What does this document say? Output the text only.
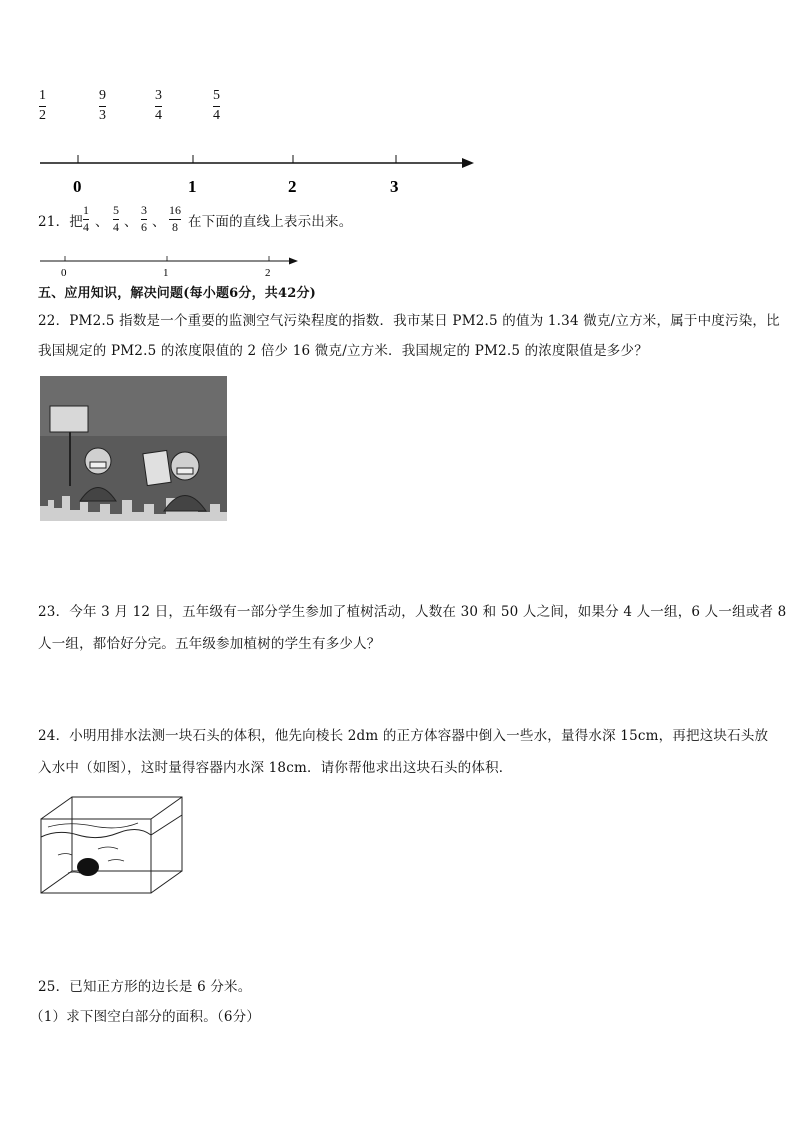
1
2
9
3
3
4
5
4
0	1	2	3
21．把
1
4 、
5
4 、
3
6 、
16
8 在下面的直线上表示出来。
0	1	2
五、应用知识，解决问题(每小题6分，共42分)
22．PM2.5 指数是一个重要的监测空气污染程度的指数．我市某日 PM2.5 的值为 1.34 微克/立方米，属于中度污染，比
我国规定的 PM2.5 的浓度限值的 2 倍少 16 微克/立方米．我国规定的 PM2.5 的浓度限值是多少？
23．今年 3 月 12 日，五年级有一部分学生参加了植树活动，人数在 30 和 50 人之间，如果分 4 人一组，6 人一组或者 8
人一组，都恰好分完。五年级参加植树的学生有多少人？
24．小明用排水法测一块石头的体积，他先向棱长 2dm 的正方体容器中倒入一些水，量得水深 15cm，再把这块石头放
入水中（如图），这时量得容器内水深 18cm．请你帮他求出这块石头的体积．
25．已知正方形的边长是 6 分米。
（1）求下图空白部分的面积。（6分）
